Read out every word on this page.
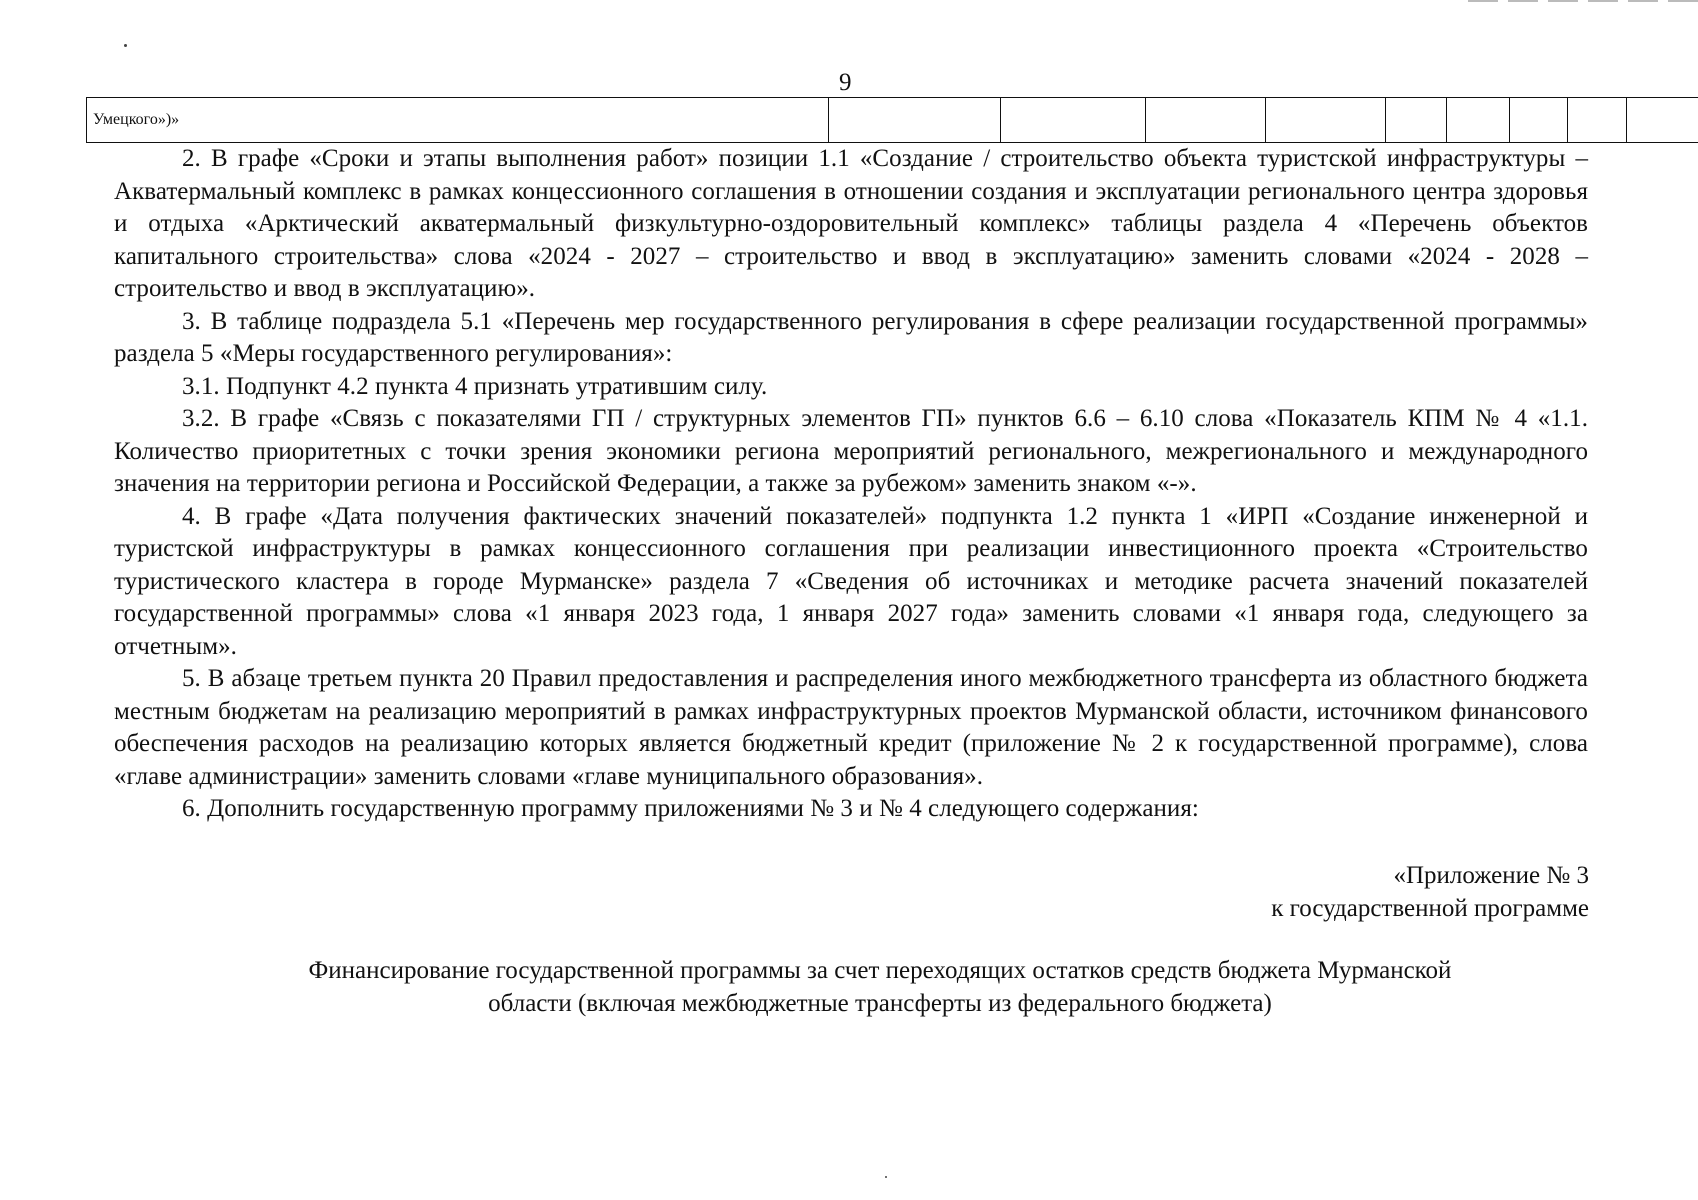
9
Умецкого»)»									

2. В графе «Сроки и этапы выполнения работ» позиции 1.1 «Создание / строительство объекта туристской инфраструктуры – Акватермальный комплекс в рамках концессионного соглашения в отношении создания и эксплуатации регионального центра здоровья и отдыха «Арктический акватермальный физкультурно-оздоровительный комплекс» таблицы раздела 4 «Перечень объектов капитального строительства» слова «2024 - 2027 – строительство и ввод в эксплуатацию» заменить словами «2024 - 2028 – строительство и ввод в эксплуатацию».

3. В таблице подраздела 5.1 «Перечень мер государственного регулирования в сфере реализации государственной программы» раздела 5 «Меры государственного регулирования»:

3.1. Подпункт 4.2 пункта 4 признать утратившим силу.

3.2. В графе «Связь с показателями ГП / структурных элементов ГП» пунктов 6.6 – 6.10 слова «Показатель КПМ № 4 «1.1. Количество приоритетных с точки зрения экономики региона мероприятий регионального, межрегионального и международного значения на территории региона и Российской Федерации, а также за рубежом» заменить знаком «-».

4. В графе «Дата получения фактических значений показателей» подпункта 1.2 пункта 1 «ИРП «Создание инженерной и туристской инфраструктуры в рамках концессионного соглашения при реализации инвестиционного проекта «Строительство туристического кластера в городе Мурманске» раздела 7 «Сведения об источниках и методике расчета значений показателей государственной программы» слова «1 января 2023 года, 1 января 2027 года» заменить словами «1 января года, следующего за отчетным».

5. В абзаце третьем пункта 20 Правил предоставления и распределения иного межбюджетного трансферта из областного бюджета местным бюджетам на реализацию мероприятий в рамках инфраструктурных проектов Мурманской области, источником финансового обеспечения расходов на реализацию которых является бюджетный кредит (приложение № 2 к государственной программе), слова «главе администрации» заменить словами «главе муниципального образования».

6. Дополнить государственную программу приложениями № 3 и № 4 следующего содержания:

«Приложение № 3
к государственной программе
Финансирование государственной программы за счет переходящих остатков средств бюджета Мурманской
области (включая межбюджетные трансферты из федерального бюджета)
